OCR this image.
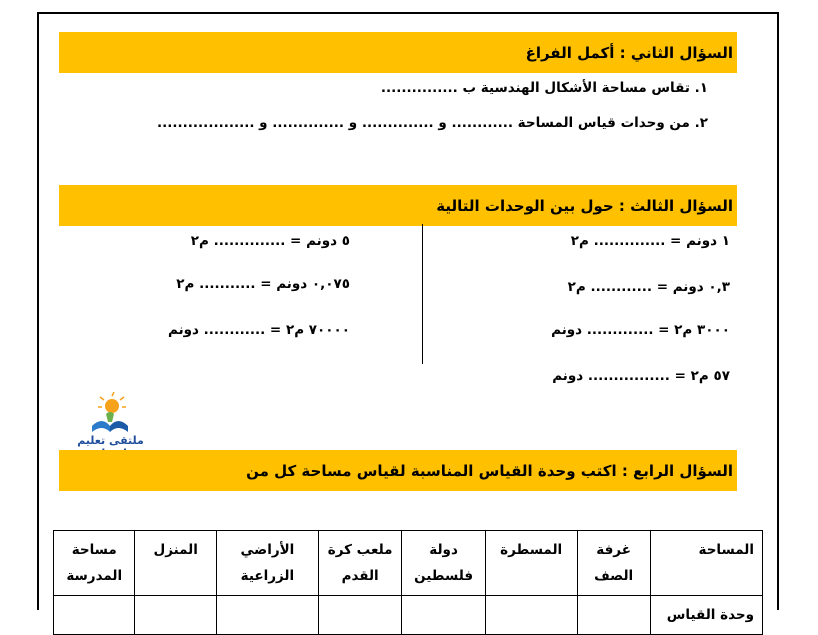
السؤال الثاني : أكمل الفراغ
١. تقاس مساحة الأشكال الهندسية ب ...............
٢. من وحدات قياس المساحة ............ و .............. و .............. و ...................
السؤال الثالث : حول بين الوحدات التالية
١ دونم = .............. م٢
٠,٣ دونم = ............ م٢
٣٠٠٠ م٢ = ............. دونم
٥٧ م٢ = ................ دونم
٥ دونم = .............. م٢
٠,٠٧٥ دونم = ........... م٢
٧٠٠٠٠ م٢ = ............ دونم
ملتقى تعليم
السؤال الرابع : اكتب وحدة القياس المناسبة لقياس مساحة كل من
المساحة	غرفة الصف	المسطرة	دولة فلسطين	ملعب كرة القدم	الأراضي الزراعية	المنزل	مساحة المدرسة
وحدة القياس							
